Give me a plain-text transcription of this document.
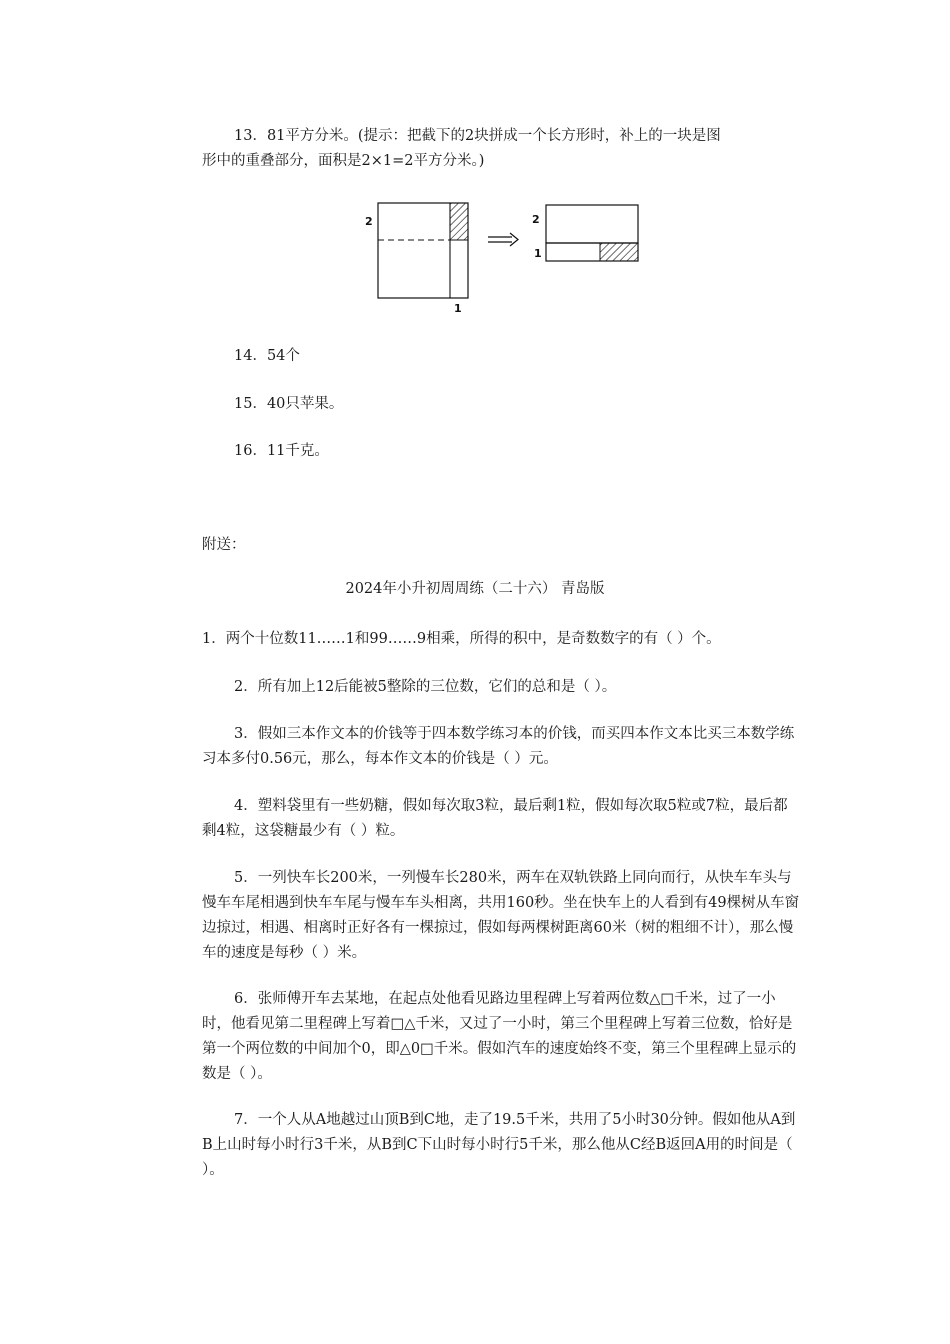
13．81平方分米。(提示：把截下的2块拼成一个长方形时，补上的一块是图

形中的重叠部分，面积是2×1=2平方分米。)

2
1
2
1

14．54个

15．40只苹果。

16．11千克。

附送：

2024年小升初周周练（二十六） 青岛版

1．两个十位数11……1和99……9相乘，所得的积中，是奇数数字的有（ ）个。

2．所有加上12后能被5整除的三位数，它们的总和是（ ）。

3．假如三本作文本的价钱等于四本数学练习本的价钱，而买四本作文本比买三本数学练习本多付0.56元，那么，每本作文本的价钱是（ ）元。

4．塑料袋里有一些奶糖，假如每次取3粒，最后剩1粒，假如每次取5粒或7粒，最后都剩4粒，这袋糖最少有（ ）粒。

5．一列快车长200米，一列慢车长280米，两车在双轨铁路上同向而行，从快车车头与慢车车尾相遇到快车车尾与慢车车头相离，共用160秒。坐在快车上的人看到有49棵树从车窗边掠过，相遇、相离时正好各有一棵掠过，假如每两棵树距离60米（树的粗细不计），那么慢车的速度是每秒（ ）米。

6．张师傅开车去某地，在起点处他看见路边里程碑上写着两位数△□千米，过了一小时，他看见第二里程碑上写着□△千米，又过了一小时，第三个里程碑上写着三位数，恰好是第一个两位数的中间加个0，即△0□千米。假如汽车的速度始终不变，第三个里程碑上显示的数是（ ）。

7．一个人从A地越过山顶B到C地，走了19.5千米，共用了5小时30分钟。假如他从A到B上山时每小时行3千米，从B到C下山时每小时行5千米，那么他从C经B返回A用的时间是（ ）。
